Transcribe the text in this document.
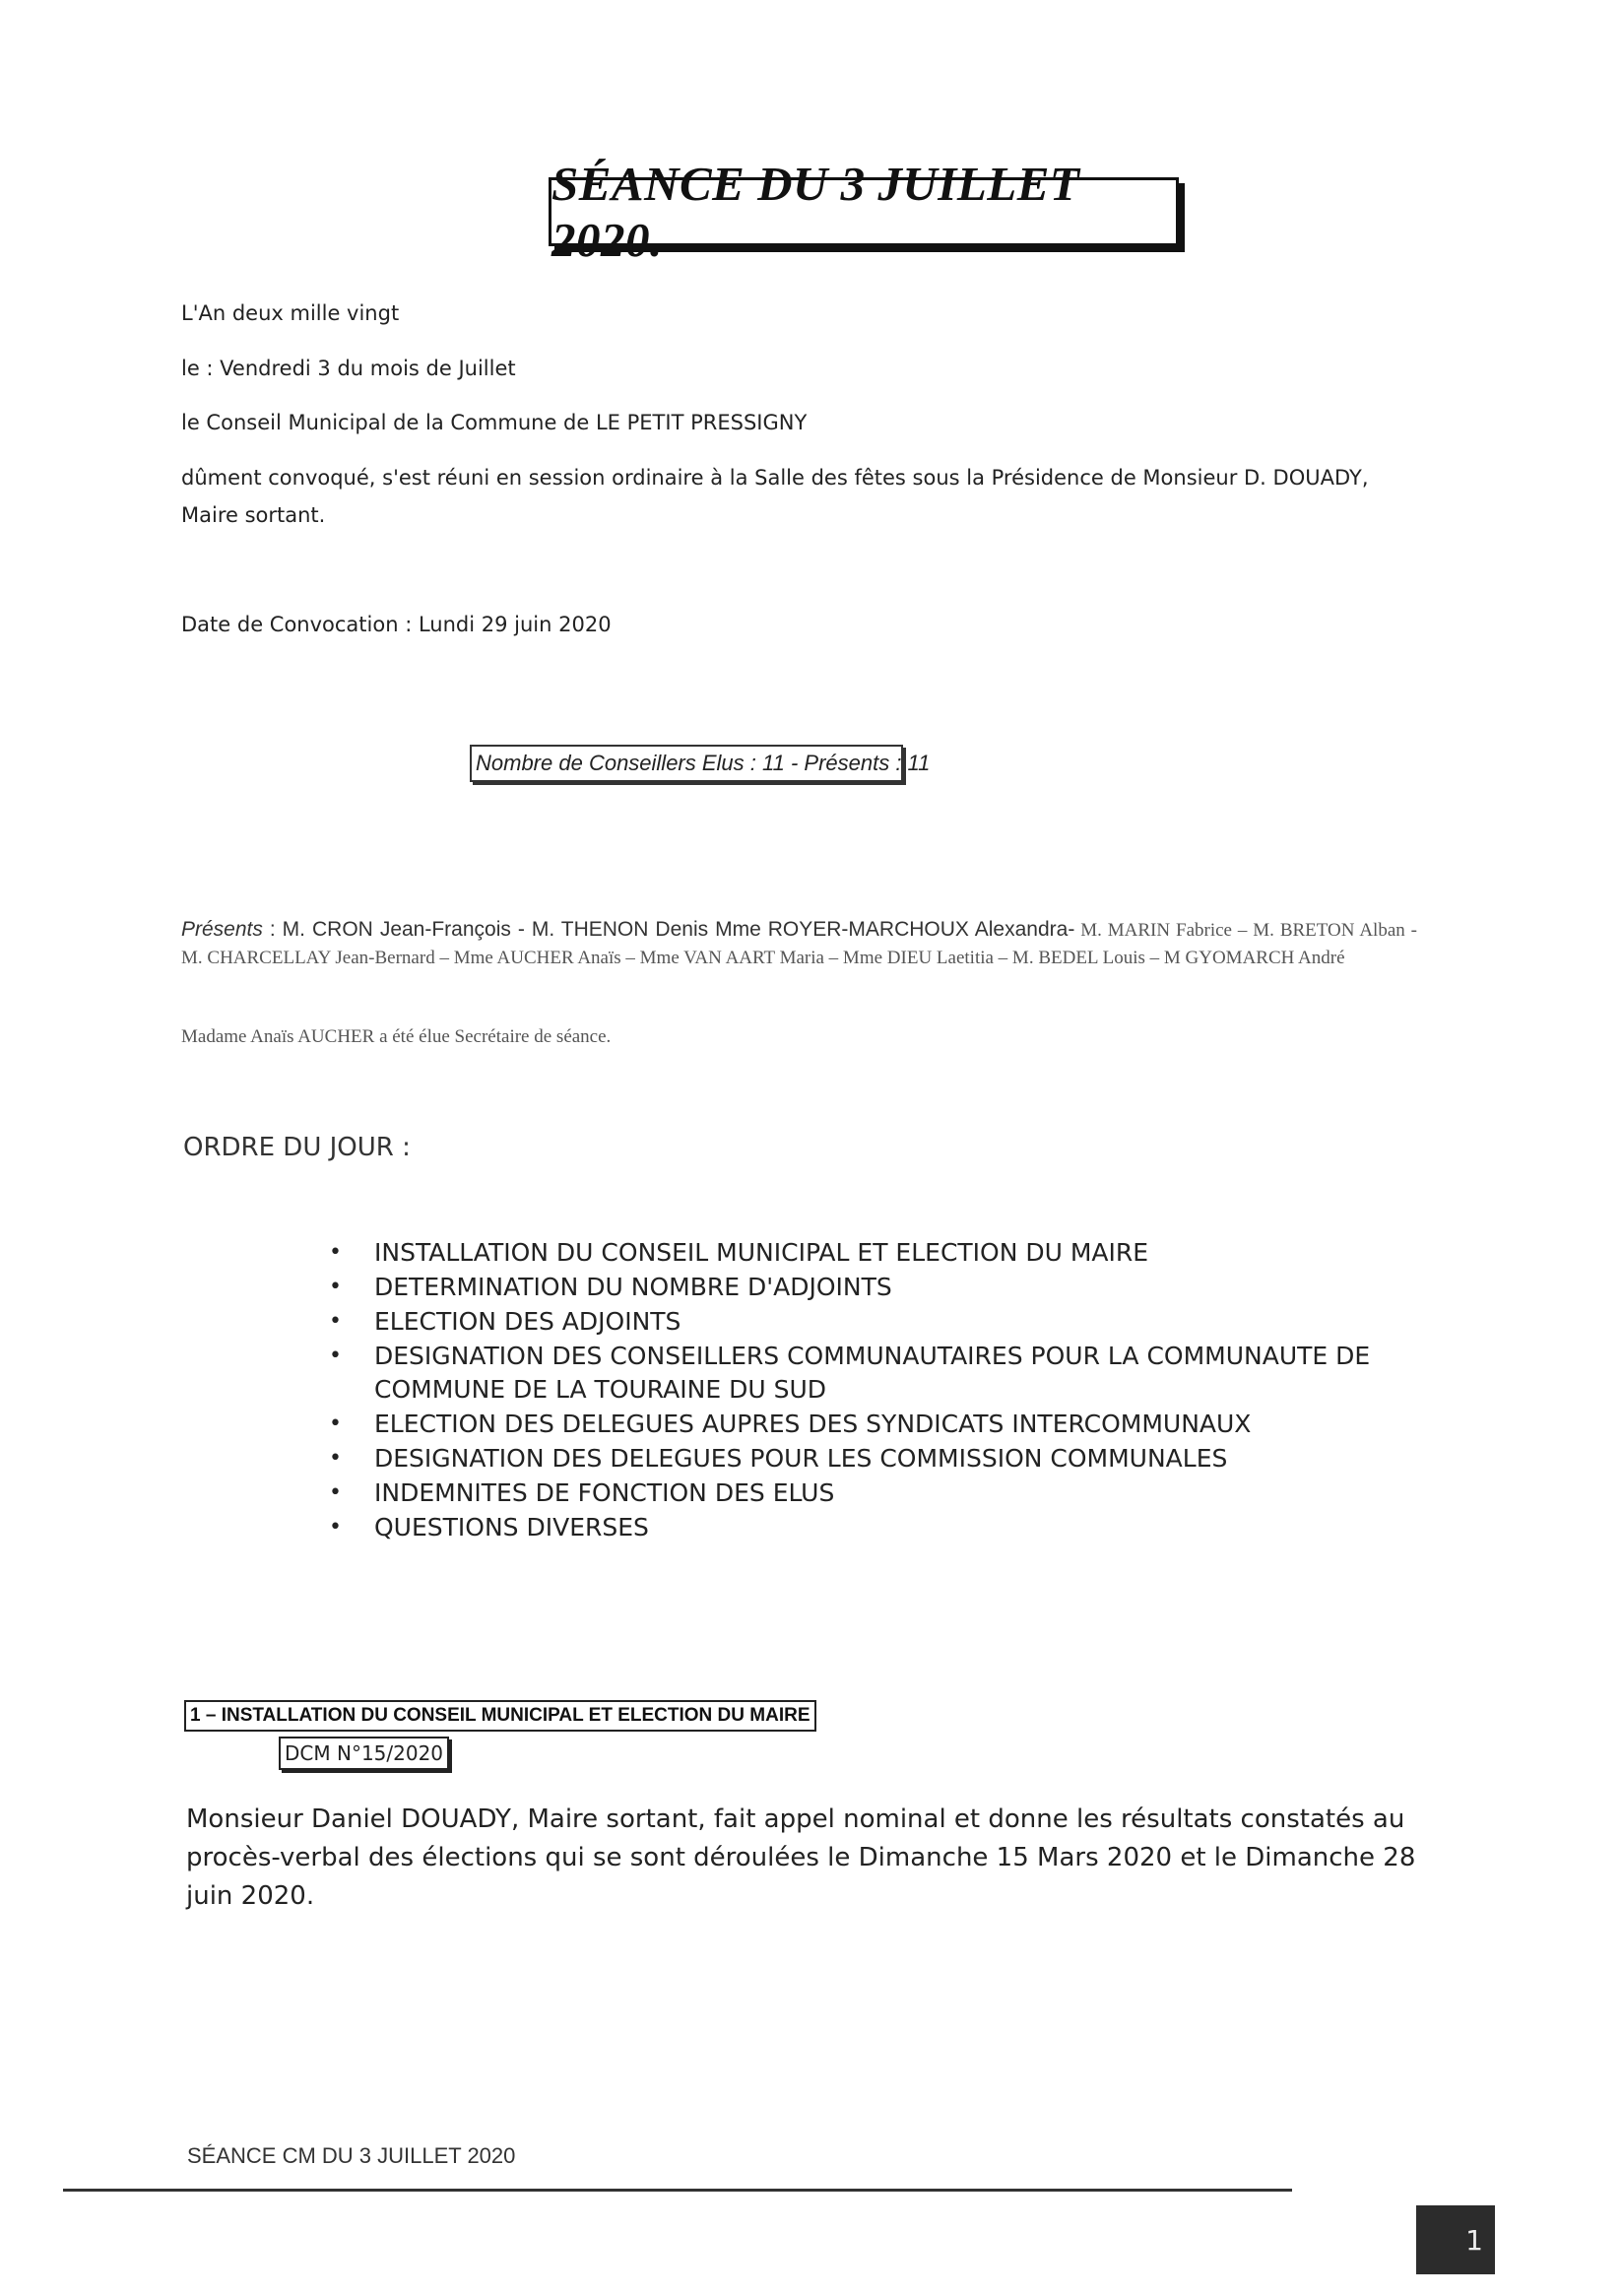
SÉANCE DU 3 JUILLET 2020.
L'An deux mille vingt
le : Vendredi 3 du mois de Juillet
le Conseil Municipal de la Commune de LE PETIT PRESSIGNY
dûment convoqué, s'est réuni en session ordinaire à la Salle des fêtes sous la Présidence de Monsieur D. DOUADY, Maire sortant.
Date de Convocation : Lundi 29 juin 2020
Nombre de Conseillers Elus : 11 - Présents : 11
Présents : M. CRON Jean-François - M. THENON Denis Mme ROYER-MARCHOUX Alexandra- M. MARIN Fabrice – M. BRETON Alban - M. CHARCELLAY Jean-Bernard – Mme AUCHER Anaïs – Mme VAN AART Maria – Mme DIEU Laetitia – M. BEDEL Louis – M GYOMARCH André
Madame Anaïs AUCHER a été élue Secrétaire de séance.
ORDRE DU JOUR :
• INSTALLATION DU CONSEIL MUNICIPAL ET ELECTION DU MAIRE
• DETERMINATION DU NOMBRE D'ADJOINTS
• ELECTION DES ADJOINTS
• DESIGNATION DES CONSEILLERS COMMUNAUTAIRES POUR LA COMMUNAUTE DE COMMUNE DE LA TOURAINE DU SUD
• ELECTION DES DELEGUES AUPRES DES SYNDICATS INTERCOMMUNAUX
• DESIGNATION DES DELEGUES POUR LES COMMISSION COMMUNALES
• INDEMNITES DE FONCTION DES ELUS
• QUESTIONS DIVERSES
1 – INSTALLATION DU CONSEIL MUNICIPAL ET ELECTION DU MAIRE
DCM N°15/2020
Monsieur Daniel DOUADY, Maire sortant, fait appel nominal et donne les résultats constatés au procès-verbal des élections qui se sont déroulées le Dimanche 15 Mars 2020 et le Dimanche 28 juin 2020.
SÉANCE CM DU 3 JUILLET 2020
1
